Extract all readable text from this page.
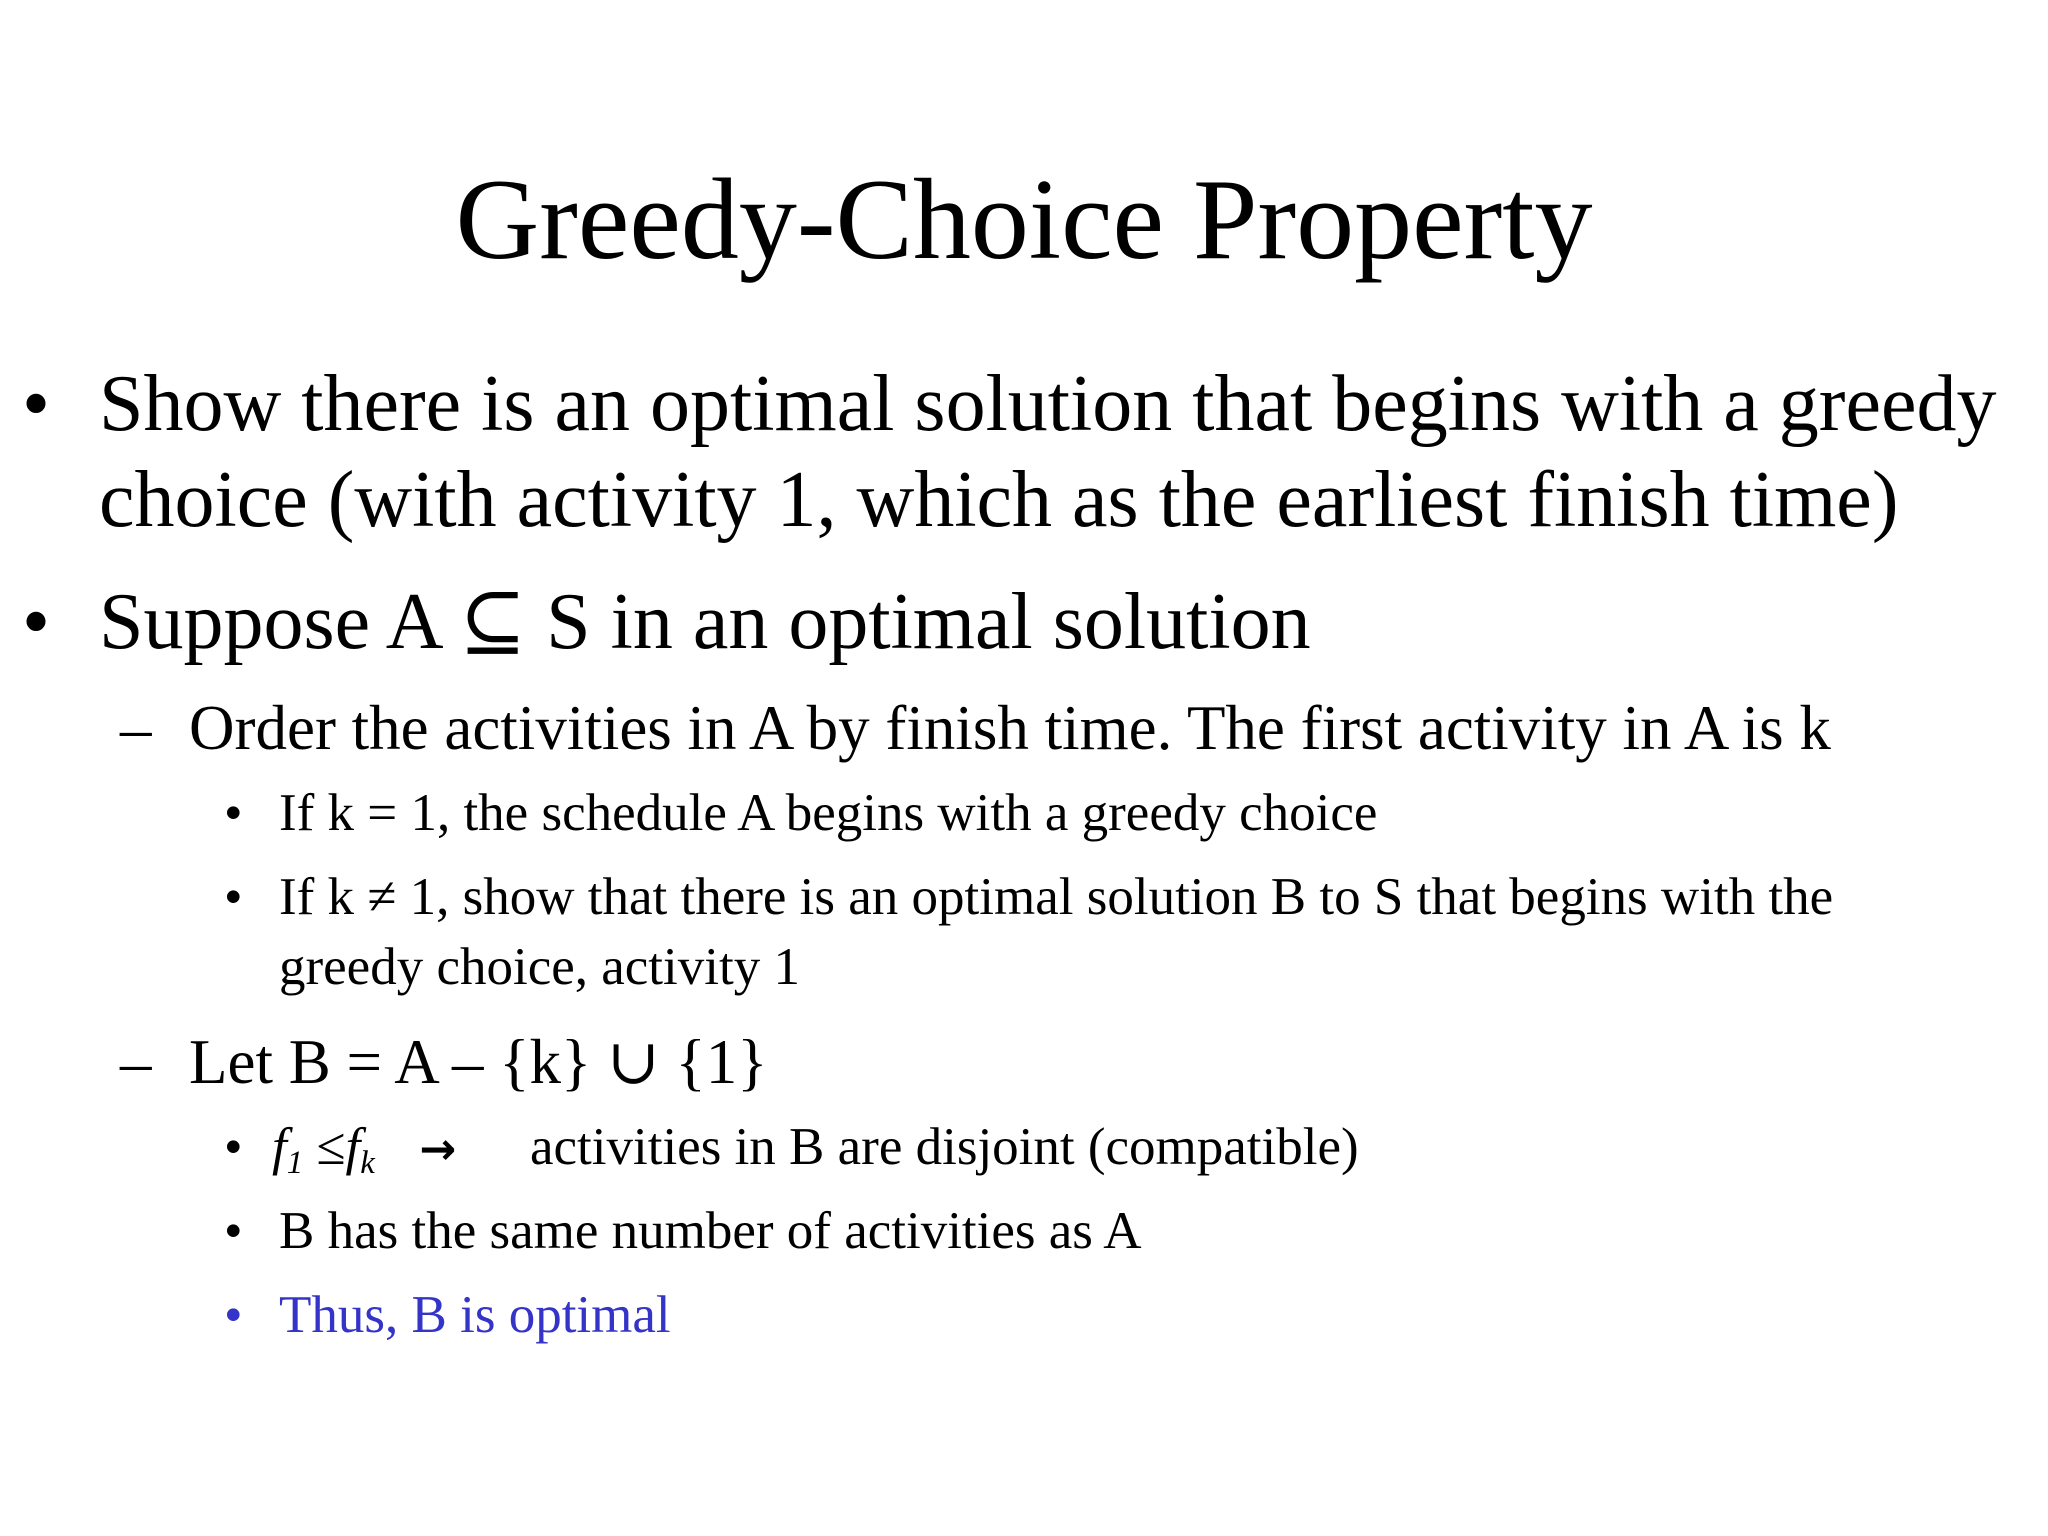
Greedy-Choice Property
• Show there is an optimal solution that begins with a greedy
choice (with activity 1, which as the earliest finish time)
• Suppose A ⊆ S in an optimal solution
– Order the activities in A by finish time. The first activity in A is k
• If k = 1, the schedule A begins with a greedy choice
• If k ≠ 1, show that there is an optimal solution B to S that begins with the
greedy choice, activity 1
– Let B = A – {k} ∪ {1}
• f1 ≤fk → activities in B are disjoint (compatible)
• B has the same number of activities as A
• Thus, B is optimal
